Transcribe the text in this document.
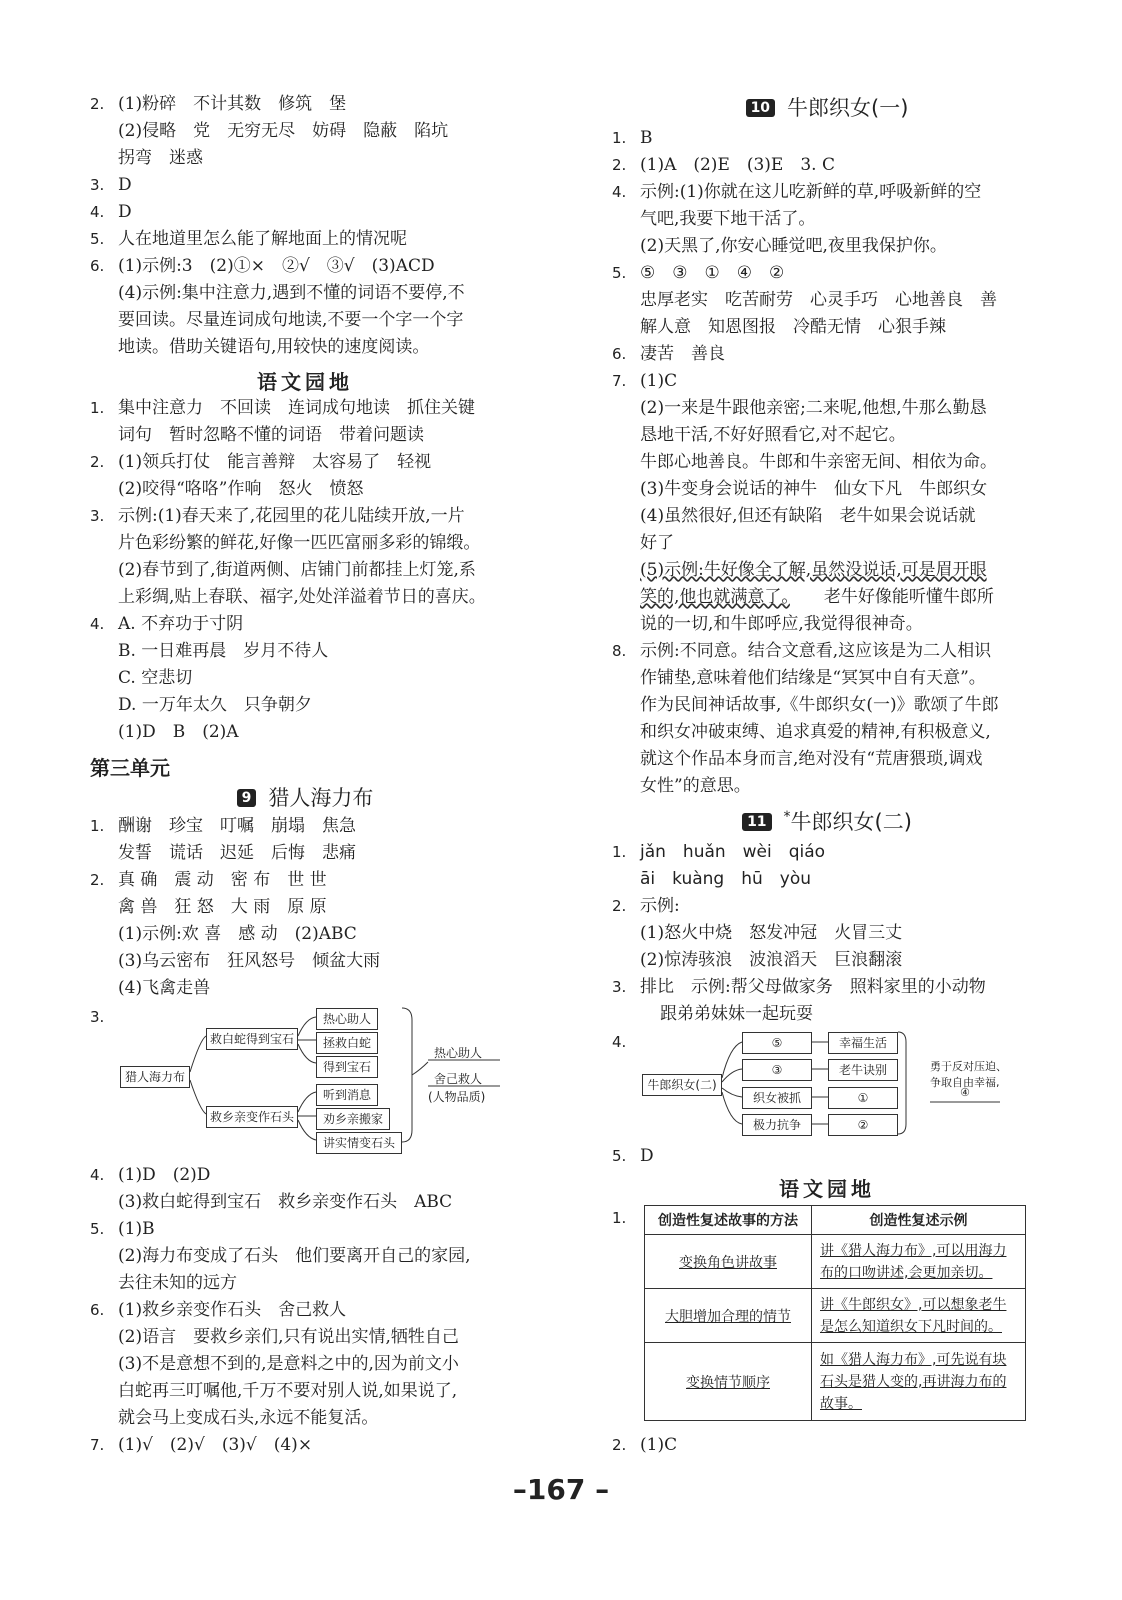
2. (1)粉碎　不计其数　修筑　堡
(2)侵略　党　无穷无尽　妨碍　隐蔽　陷坑
拐弯　迷惑
3. D
4. D
5. 人在地道里怎么能了解地面上的情况呢
6. (1)示例:3　(2)①×　②√　③√　(3)ACD
(4)示例:集中注意力,遇到不懂的词语不要停,不
要回读。尽量连词成句地读,不要一个字一个字
地读。借助关键语句,用较快的速度阅读。
语文园地
1. 集中注意力　不回读　连词成句地读　抓住关键
词句　暂时忽略不懂的词语　带着问题读
2. (1)领兵打仗　能言善辩　太容易了　轻视
(2)咬得“咯咯”作响　怒火　愤怒
3. 示例:(1)春天来了,花园里的花儿陆续开放,一片
片色彩纷繁的鲜花,好像一匹匹富丽多彩的锦缎。
(2)春节到了,街道两侧、店铺门前都挂上灯笼,系
上彩绸,贴上春联、福字,处处洋溢着节日的喜庆。
4. A. 不弃功于寸阴
B. 一日难再晨　岁月不待人
C. 空悲切
D. 一万年太久　只争朝夕
(1)D　B　(2)A
第三单元
9 猎人海力布
1. 酬谢　珍宝　叮嘱　崩塌　焦急
发誓　谎话　迟延　后悔　悲痛
2. 真 确　震 动　密 布　世 世
禽 兽　狂 怒　大 雨　原 原
(1)示例:欢 喜　感 动　(2)ABC
(3)乌云密布　狂风怒号　倾盆大雨
(4)飞禽走兽
3.
猎人海力布
救白蛇得到宝石
救乡亲变作石头
热心助人
拯救白蛇
得到宝石
听到消息
劝乡亲搬家
讲实情变石头
热心助人
舍己救人
(人物品质)
4. (1)D　(2)D
(3)救白蛇得到宝石　救乡亲变作石头　ABC
5. (1)B
(2)海力布变成了石头　他们要离开自己的家园,
去往未知的远方
6. (1)救乡亲变作石头　舍己救人
(2)语言　要救乡亲们,只有说出实情,牺牲自己
(3)不是意想不到的,是意料之中的,因为前文小
白蛇再三叮嘱他,千万不要对别人说,如果说了,
就会马上变成石头,永远不能复活。
7. (1)√　(2)√　(3)√　(4)×
10 牛郎织女(一)
1. B
2. (1)A　(2)E　(3)E　3. C
4. 示例:(1)你就在这儿吃新鲜的草,呼吸新鲜的空
气吧,我要下地干活了。
(2)天黑了,你安心睡觉吧,夜里我保护你。
5. ⑤　③　①　④　②
忠厚老实　吃苦耐劳　心灵手巧　心地善良　善
解人意　知恩图报　冷酷无情　心狠手辣
6. 凄苦　善良
7. (1)C
(2)一来是牛跟他亲密;二来呢,他想,牛那么勤恳
恳地干活,不好好照看它,对不起它。
牛郎心地善良。牛郎和牛亲密无间、相依为命。
(3)牛变身会说话的神牛　仙女下凡　牛郎织女
(4)虽然很好,但还有缺陷　老牛如果会说话就
好了
(5)示例:牛好像全了解,虽然没说话,可是眉开眼
笑的,他也就满意了。　　 老牛好像能听懂牛郎所
说的一切,和牛郎呼应,我觉得很神奇。
8. 示例:不同意。结合文意看,这应该是为二人相识
作铺垫,意味着他们结缘是“冥冥中自有天意”。
作为民间神话故事,《牛郎织女(一)》歌颂了牛郎
和织女冲破束缚、追求真爱的精神,有积极意义,
就这个作品本身而言,绝对没有“荒唐猥琐,调戏
女性”的意思。
11 *牛郎织女(二)
1. jǎn　huǎn　wèi　qiáo
āi　kuàng　hū　yòu
2. 示例:
(1)怒火中烧　怒发冲冠　火冒三丈
(2)惊涛骇浪　波浪滔天　巨浪翻滚
3. 排比　示例:帮父母做家务　照料家里的小动物
跟弟弟妹妹一起玩耍
4.
牛郎织女(二)
⑤
③
织女被抓
极力抗争
幸福生活
老牛诀别
①
②
勇于反对压迫、
争取自由幸福,
④
5. D
语文园地
1.	创造性复述故事的方法	创造性复述示例
变换角色讲故事	讲《猎人海力布》,可以用海力布的口吻讲述,会更加亲切。
大胆增加合理的情节	讲《牛郎织女》,可以想象老牛是怎么知道织女下凡时间的。
变换情节顺序	如《猎人海力布》,可先说有块石头是猎人变的,再讲海力布的故事。
2. (1)C
–167 –
